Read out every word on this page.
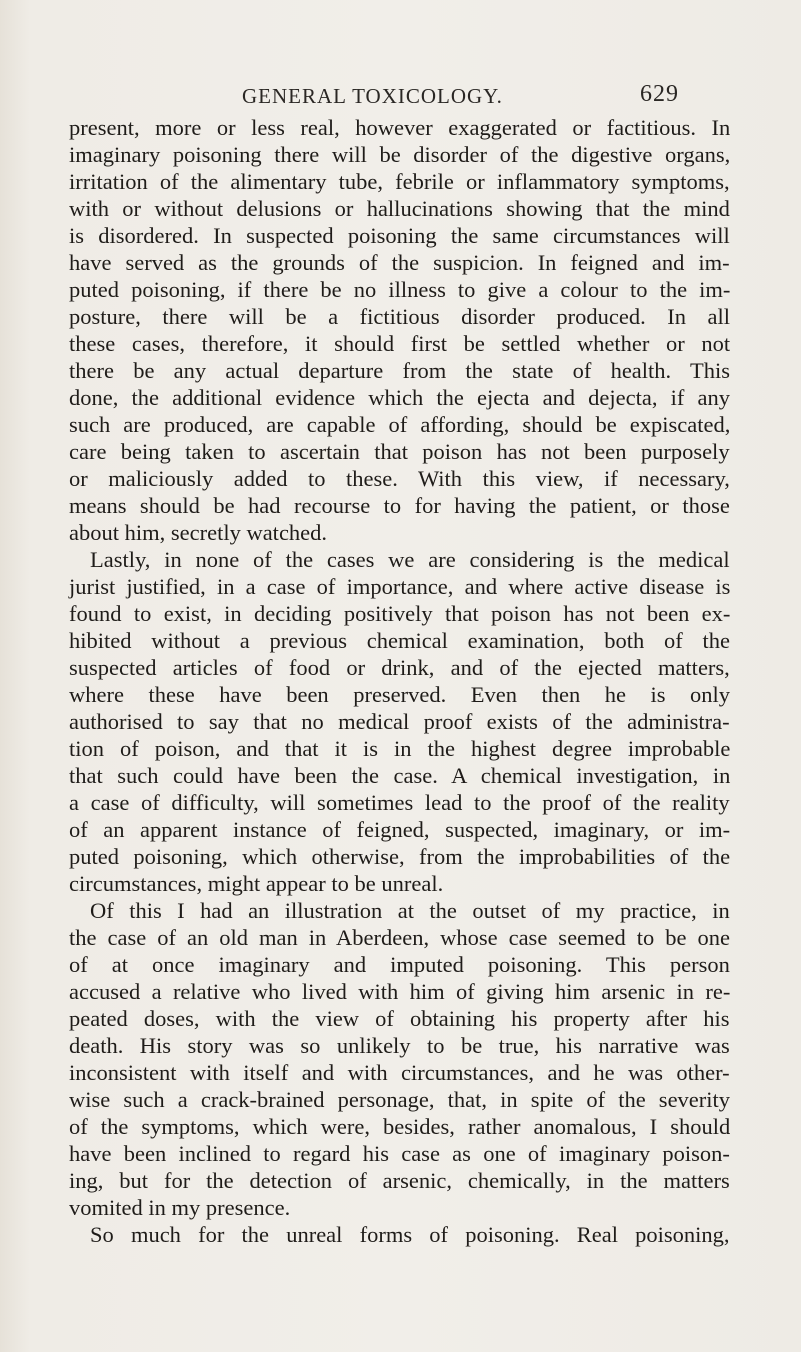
GENERAL TOXICOLOGY.	629
present, more or less real, however exaggerated or factitious. In
imaginary poisoning there will be disorder of the digestive organs,
irritation of the alimentary tube, febrile or inflammatory symptoms,
with or without delusions or hallucinations showing that the mind
is disordered. In suspected poisoning the same circumstances will
have served as the grounds of the suspicion. In feigned and im-
puted poisoning, if there be no illness to give a colour to the im-
posture, there will be a fictitious disorder produced. In all
these cases, therefore, it should first be settled whether or not
there be any actual departure from the state of health. This
done, the additional evidence which the ejecta and dejecta, if any
such are produced, are capable of affording, should be expiscated,
care being taken to ascertain that poison has not been purposely
or maliciously added to these. With this view, if necessary,
means should be had recourse to for having the patient, or those
about him, secretly watched.
Lastly, in none of the cases we are considering is the medical
jurist justified, in a case of importance, and where active disease is
found to exist, in deciding positively that poison has not been ex-
hibited without a previous chemical examination, both of the
suspected articles of food or drink, and of the ejected matters,
where these have been preserved. Even then he is only
authorised to say that no medical proof exists of the administra-
tion of poison, and that it is in the highest degree improbable
that such could have been the case. A chemical investigation, in
a case of difficulty, will sometimes lead to the proof of the reality
of an apparent instance of feigned, suspected, imaginary, or im-
puted poisoning, which otherwise, from the improbabilities of the
circumstances, might appear to be unreal.
Of this I had an illustration at the outset of my practice, in
the case of an old man in Aberdeen, whose case seemed to be one
of at once imaginary and imputed poisoning. This person
accused a relative who lived with him of giving him arsenic in re-
peated doses, with the view of obtaining his property after his
death. His story was so unlikely to be true, his narrative was
inconsistent with itself and with circumstances, and he was other-
wise such a crack-brained personage, that, in spite of the severity
of the symptoms, which were, besides, rather anomalous, I should
have been inclined to regard his case as one of imaginary poison-
ing, but for the detection of arsenic, chemically, in the matters
vomited in my presence.
So much for the unreal forms of poisoning. Real poisoning,
